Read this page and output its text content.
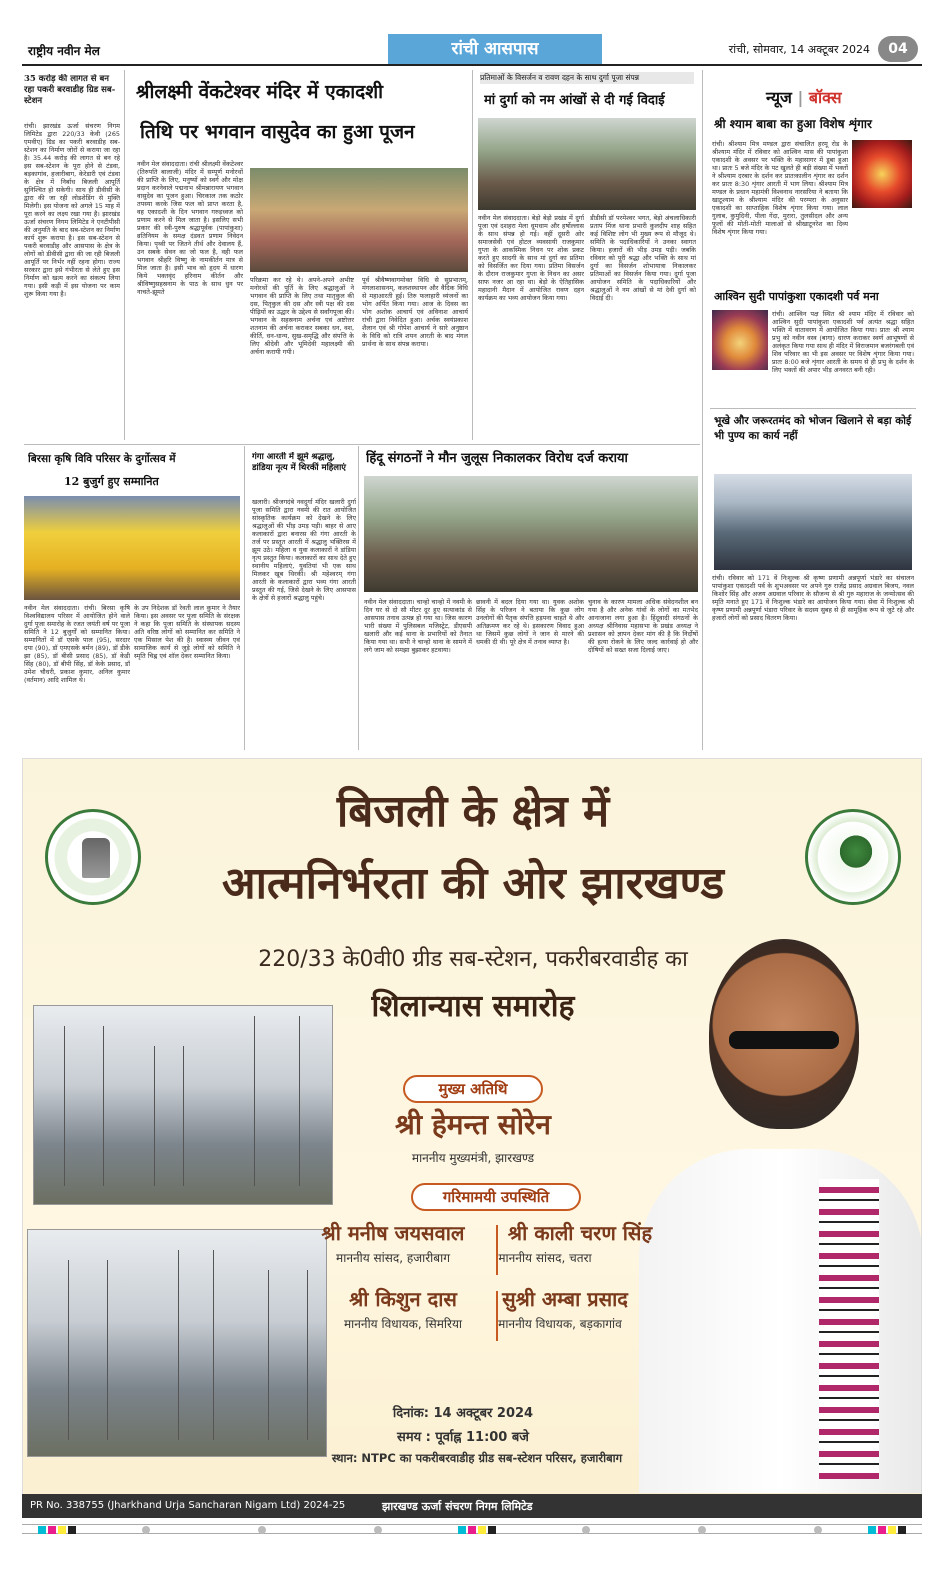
राष्ट्रीय नवीन मेल	रांची आसपास	रांची, सोमवार, 14 अक्टूबर 2024	04
35 करोड़ की लागत से बन रहा पकरी बरवाडीह ग्रिड सब-स्टेशन
रांची। झारखंड ऊर्जा संचरण निगम लिमिटेड द्वारा 220/33 केवी (265 एमवीए) ग्रिड का पकरी बरवाडीह सब-स्टेशन का निर्माण जोरों से कराया जा रहा है। 35.44 करोड़ की लागत से बन रहे इस सब-स्टेशन के पूरा होने से टंडवा, बड़कागांव, हजारीबाग, केरेडारी एवं टंडवा के क्षेत्र में निर्बाध बिजली आपूर्ति सुनिश्चित हो सकेगी। साथ ही डीवीसी के द्वारा की जा रही लोडशेडिंग से मुक्ति मिलेगी। इस योजना को अगले 15 माह में पूरा करने का लक्ष्य रखा गया है। झारखंड ऊर्जा संचरण निगम लिमिटेड ने एनटीपीसी की अनुमति के बाद सब-स्टेशन का निर्माण कार्य शुरू कराया है। इस सब-स्टेशन से पकरी बरवाडीह और आसपास के क्षेत्र के लोगों को डीवीसी द्वारा की जा रही बिजली आपूर्ति पर निर्भर नहीं रहना होगा। राज्य सरकार द्वारा इसे गंभीरता से लेते हुए इस निर्माण को खत्म करने का संकल्प लिया गया। इसी कड़ी में इस योजना पर काम शुरू किया गया है।
श्रीलक्ष्मी वेंकटेश्वर मंदिर में एकादशी
तिथि पर भगवान वासुदेव का हुआ पूजन
नवीन मेल संवाददाता। रांची श्रीलक्ष्मी वेंकटेश्वर (तिरुपति बालाजी) मंदिर में सम्पूर्ण मनोरथों की प्राप्ति के लिए, मनुष्यों को स्वर्ग और मोक्ष प्रदान करनेवाले पद्मनाभ श्रीमन्नारायण भगवान वासुदेव का पूजन हुआ। चिरकाल तक कठोर तपस्या करके जिस फल को प्राप्त करता है, वह एकादशी के दिन भगवान गरुड़ध्वज को प्रणाम करने से मिल जाता है। इसलिए सभी प्रकार की स्त्री-पुरुष श्रद्धापूर्वक (पापांकुशा) व्रतिनियम के समक्ष दंडवत प्रणाम निवेदन किया। पृथ्वी पर जितने तीर्थ और देवालय हैं, उन सबके सेवन का जो फल है, वही फल भगवान श्रीहरि विष्णु के नामकीर्तन मात्र से मिल जाता है। इसी भाव को हृदय में धारण किये भक्तवृंद हरिनाम कीर्तन और श्रीविष्णुसहस्रनाम के पाठ के साथ धुन पर नाचते-झूमते
परिक्रमा कर रहे थे। अपने-अपने अभीष्ट मनोरथों की पूर्ति के लिए श्रद्धालुओं ने भगवान की प्राप्ति के लिए तथा मातृकुल की दस, पितृकुल की दस और स्त्री पक्ष की दस पीढ़ियों का उद्धार के उद्देश्य से सर्वांगपूजा की। भगवान के सहस्रनाम अर्चना एवं अष्टोत्तर शतनाम की अर्चना कराकर सबका धन, वश, कीर्ति, धन-धान्य, सुख-समृद्धि और संपत्ति के लिए श्रीदेवी और भूमिदेवी महालक्ष्मी की अर्चना करायी गयी।
पूर्व श्रीवैष्णवागमोक्त विधि से सुप्रभातम्, मंगलाशासनम्, कलशस्थापन और वैदिक विधि से महाआरती हुई। तिरु फलाहारी व्यंजनों का भोग अर्पित किया गया। आज के दिवस का भोग अशोक आचार्य एवं अविनाश आचार्य रांची द्वारा निवेदित हुआ। अर्चक स्वयंप्रकाश शैलान एवं श्री गोपेश आचार्य ने सारे अनुष्ठान के विधि को रात्रि शयन आरती के बाद मंगल प्रार्थना के साथ संपन्न कराया।
प्रतिमाओं के विसर्जन व रावण दहन के साथ दुर्गा पूजा संपन्न
मां दुर्गा को नम आंखों से दी गई विदाई
नवीन मेल संवाददाता। बेड़ो बेड़ो प्रखंड में दुर्गा पूजा एवं दशहरा मेला धूमधाम और हर्षोल्लास के साथ संपन्न हो गई। वहीं दूसरी ओर समाजसेवी एवं होटल व्यवसायी राजकुमार गुप्ता के आकस्मिक निधन पर शोक प्रकट करते हुए सादगी के साथ मां दुर्गा का प्रतिमा को विसर्जित कर दिया गया। प्रतिमा विसर्जन के दौरान राजकुमार गुप्ता के निधन का असर साफ नजर आ रहा था। बेड़ो के ऐतिहासिक महादानी मैदान में आयोजित रावण दहन कार्यक्रम का भव्य आयोजन किया गया।
डीडीसी डॉ परमेश्वर भगत, बेड़ो अंचलाधिकारी प्रताप मिंज थाना प्रभारी कुलदीप शाह सहित कई विशिष्ट लोग भी मुख्य रूप से मौजूद थे। समिति के पदाधिकारियों ने उनका स्वागत किया। हजारों की भीड़ उमड़ पड़ी। जबकि रविवार को पूरी श्रद्धा और भक्ति के साथ मां दुर्गा का विसर्जन शोभायात्रा निकालकर प्रतिमाओं का विसर्जन किया गया। दुर्गा पूजा आयोजन समिति के पदाधिकारियों और श्रद्धालुओं ने नम आंखों से मां देवी दुर्गा को विदाई दी।
न्यूज | बॉक्स
श्री श्याम बाबा का हुआ विशेष शृंगार
रांची। श्रीश्याम मित्र मण्डल द्वारा संचालित हरमू रोड के श्रीश्याम मंदिर में रविवार को आश्विन मास की पापांकुशा एकादशी के अवसर पर भक्ति के महासागर में डूबा हुआ था। प्रातः 5 बजे मंदिर के पट खुलते ही बड़ी संख्या में भक्तों ने श्रीश्याम दरबार के दर्शन कर प्रातःकालीन शृंगार का दर्शन कर प्रातः 8:30 शृंगार आरती में भाग लिया। श्रीश्याम मित्र मण्डल के प्रधान महामंत्री विश्वनाथ नारसरिया ने बताया कि खाटूश्याम के श्रीश्याम मंदिर की परम्परा के अनुसार एकादशी का साप्ताहिक विशेष शृंगार किया गया। लाल गुलाब, कुमुदिनी, पीला गेंदा, मुरारा, तुलसीदल और अन्य फूलों की मोती-मोती मालाओं से श्रीखाटूनरेश का दिव्य विशेष शृंगार किया गया।
आश्विन सुदी पापांकुशा एकादशी पर्व मना
रांची। आश्विन पक्ष स्थित श्री श्याम मंदिर में रविवार को आश्विन सुदी पापांकुशा एकादशी पर्व अत्यंत श्रद्धा सहित भक्ति में वातावरण में आयोजित किया गया। प्रातः श्री श्याम प्रभु को नवीन वस्त्र (बागा) धारण कराकर स्वर्ण आभूषणों से अलंकृत किया गया साथ ही मंदिर में विराजमान बजरंगबली एवं शिव परिवार का भी इस अवसर पर विशेष शृंगार किया गया। प्रातः 8:00 बजे शृंगार आरती के समय से ही प्रभु के दर्शन के लिए भक्तों की अपार भीड़ अनवरत बनी रही।
भूखे और जरूरतमंद को भोजन खिलाने से बड़ा कोई भी पुण्य का कार्य नहीं
रांची। रविवार को 171 वें निःशुल्क श्री कृष्ण प्रणामी अन्नपूर्णा भंडारे का संचालन पापांकुशा एकादशी पर्व के शुभअवसर पर अपने गुरु राजेंद्र प्रसाद अग्रवाल बिजय, नवल किशोर सिंह और अजय अग्रवाल परिवार के सौजन्य से श्री गुरु महाराज के जन्मोत्सव की स्मृति मनाते हुए 171 वें निःशुल्क भंडारे का आयोजन किया गया। सेवा में निःशुल्क श्री कृष्ण प्रणामी अन्नपूर्णा भंडारा परिवार के सदस्य सुबह से ही सामूहिक रूप से जुटे रहे और हजारों लोगों को प्रसाद वितरण किया।
बिरसा कृषि विवि परिसर के दुर्गोत्सव में
12 बुजुर्ग हुए सम्मानित
नवीन मेल संवाददाता। रांची। बिरसा कृषि विश्वविद्यालय परिसर में आयोजित होने वाले दुर्गा पूजा समारोह के रजत जयंती वर्ष पर पूजा समिति ने 12 बुजुर्गों को सम्मानित किया। सम्मानितों में डॉ एसके पाल (95), सरदार दया (90), डॉ एमएसके बर्मन (89), डॉ डीके झा (85), डॉ बीसी प्रसाद (85), डॉ केडी सिंह (80), डॉ बीपी सिंह, डॉ केके प्रसाद, डॉ उमेश चौधरी, प्रकाश कुमार, अनिल कुमार (वर्तमान) आदि शामिल थे।
के उप निदेशक डॉ रेवती लाल कुमार ने तैयार किया। इस अवसर पर पूजा समिति के संरक्षक ने कहा कि पूजा समिति के संस्थापक सदस्य अति वरिष्ठ लोगों को सम्मानित कर समिति ने एक मिसाल पेश की है। स्वास्थ्य जीवन एवं सामाजिक कार्य से जुड़े लोगों को समिति ने स्मृति चिह्न एवं शॉल देकर सम्मानित किया।
गंगा आरती में झूमे श्रद्धालु, डांडिया नृत्य में थिरकीं महिलाएं
खलारी। श्रीजगदंबे नवदुर्गा मंदिर खलारी दुर्गा पूजा समिति द्वारा नवमी की रात आयोजित सांस्कृतिक कार्यक्रम को देखने के लिए श्रद्धालुओं की भीड़ उमड़ पड़ी। बाहर से आए कलाकारों द्वारा बनारस की गंगा आरती के तर्ज पर प्रस्तुत आरती में श्रद्धालु भक्तिरस में झूम उठे। महिला व युवा कलाकारों ने डांडिया नृत्य प्रस्तुत किया। कलाकारों का साथ देते हुए स्थानीय महिलाएं, युवतियां भी एक साथ मिलकर खूब थिरकीं। श्री महेश्वरम् गंगा आरती के कलाकारों द्वारा भव्य गंगा आरती प्रस्तुत की गई, जिसे देखने के लिए आसपास के क्षेत्रों से हजारों श्रद्धालु पहुंचे।
हिंदू संगठनों ने मौन जुलूस निकालकर विरोध दर्ज कराया
नवीन मेल संवाददाता। चान्हो चान्हो में नवमी के दिन घर से दो सौ मीटर दूर हुए सत्याकांड से आसपास तनाव उत्पन्न हो गया था। जिस कारण भारी संख्या में पुलिसबल मजिस्ट्रेट, डीएसपी खलारी और कई थाना के प्रभारियों को तैनात किया गया था। सभी ने चान्हो थाना के सामने में लगे जाम को समझा बुझाकर हटवाया।
छावनी में बदल दिया गया था। युवक अशोक सिंह के परिजन ने बताया कि कुछ लोग उनलोगों की पैतृक संपत्ति हड़पना चाहते थे और अतिक्रमण कर रहे थे। इसकारण विवाद हुआ था जिसमें कुछ लोगों ने जान से मारने की धमकी दी थी। पूरे क्षेत्र में तनाव व्याप्त है।
चुनाव के कारण मामला अधिक संवेदनशील बन गया है और अनेक गांवों के लोगों का मतभेद आनाजाना लगा हुआ है। हिंदूवादी संगठनों के अध्यक्ष श्रीनिवास महासभा के प्रखंड अध्यक्ष ने प्रशासन को ज्ञापन देकर मांग की है कि निर्दोषों की हत्या रोकने के लिए जल्द कार्रवाई हो और दोषियों को सख्त सजा दिलाई जाए।
बिजली के क्षेत्र में
आत्मनिर्भरता की ओर झारखण्ड
220/33 के0वी0 ग्रीड सब-स्टेशन, पकरीबरवाडीह का
शिलान्यास समारोह
मुख्य अतिथि
श्री हेमन्त सोरेन
माननीय मुख्यमंत्री, झारखण्ड
गरिमामयी उपस्थिति
श्री मनीष जयसवाल
माननीय सांसद, हजारीबाग
श्री काली चरण सिंह
माननीय सांसद, चतरा
श्री किशुन दास
माननीय विधायक, सिमरिया
सुश्री अम्बा प्रसाद
माननीय विधायक, बड़कागांव
दिनांक: 14 अक्टूबर 2024
समय : पूर्वाह्न 11:00 बजे
स्थान: NTPC का पकरीबरवाडीह ग्रीड सब-स्टेशन परिसर, हजारीबाग
PR No. 338755 (Jharkhand Urja Sancharan Nigam Ltd) 2024-25	झारखण्ड ऊर्जा संचरण निगम लिमिटेड
